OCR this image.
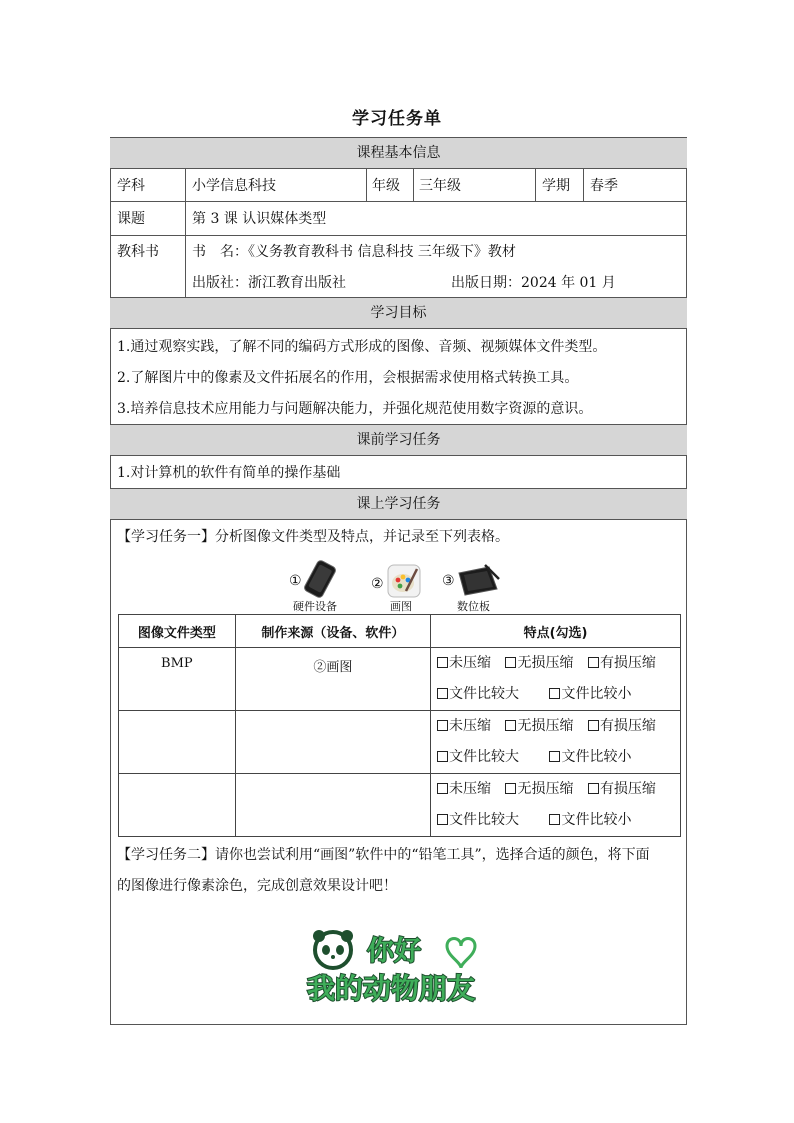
学习任务单
课程基本信息
学科	小学信息科技	年级 三年级	学期 春季
课题	第 3 课 认识媒体类型
教科书 书　名：《义务教育教科书 信息科技 三年级下》教材
出版社：浙江教育出版社	出版日期：2024 年 01 月
学习目标
1.通过观察实践，了解不同的编码方式形成的图像、音频、视频媒体文件类型。
2.了解图片中的像素及文件拓展名的作用，会根据需求使用格式转换工具。
3.培养信息技术应用能力与问题解决能力，并强化规范使用数字资源的意识。
课前学习任务
1.对计算机的软件有简单的操作基础
课上学习任务
【学习任务一】分析图像文件类型及特点，并记录至下列表格。
①
硬件设备
②
画图
③
数位板
图像文件类型	制作来源（设备、软件）	特点(勾选)
BMP	②画图	未压缩 无损压缩 有损压缩
文件比较大 文件比较小

		未压缩 无损压缩 有损压缩
文件比较大 文件比较小

		未压缩 无损压缩 有损压缩
文件比较大 文件比较小
【学习任务二】请你也尝试利用“画图”软件中的“铅笔工具”，选择合适的颜色，将下面
的图像进行像素涂色，完成创意效果设计吧！
你好
我的动物朋友
